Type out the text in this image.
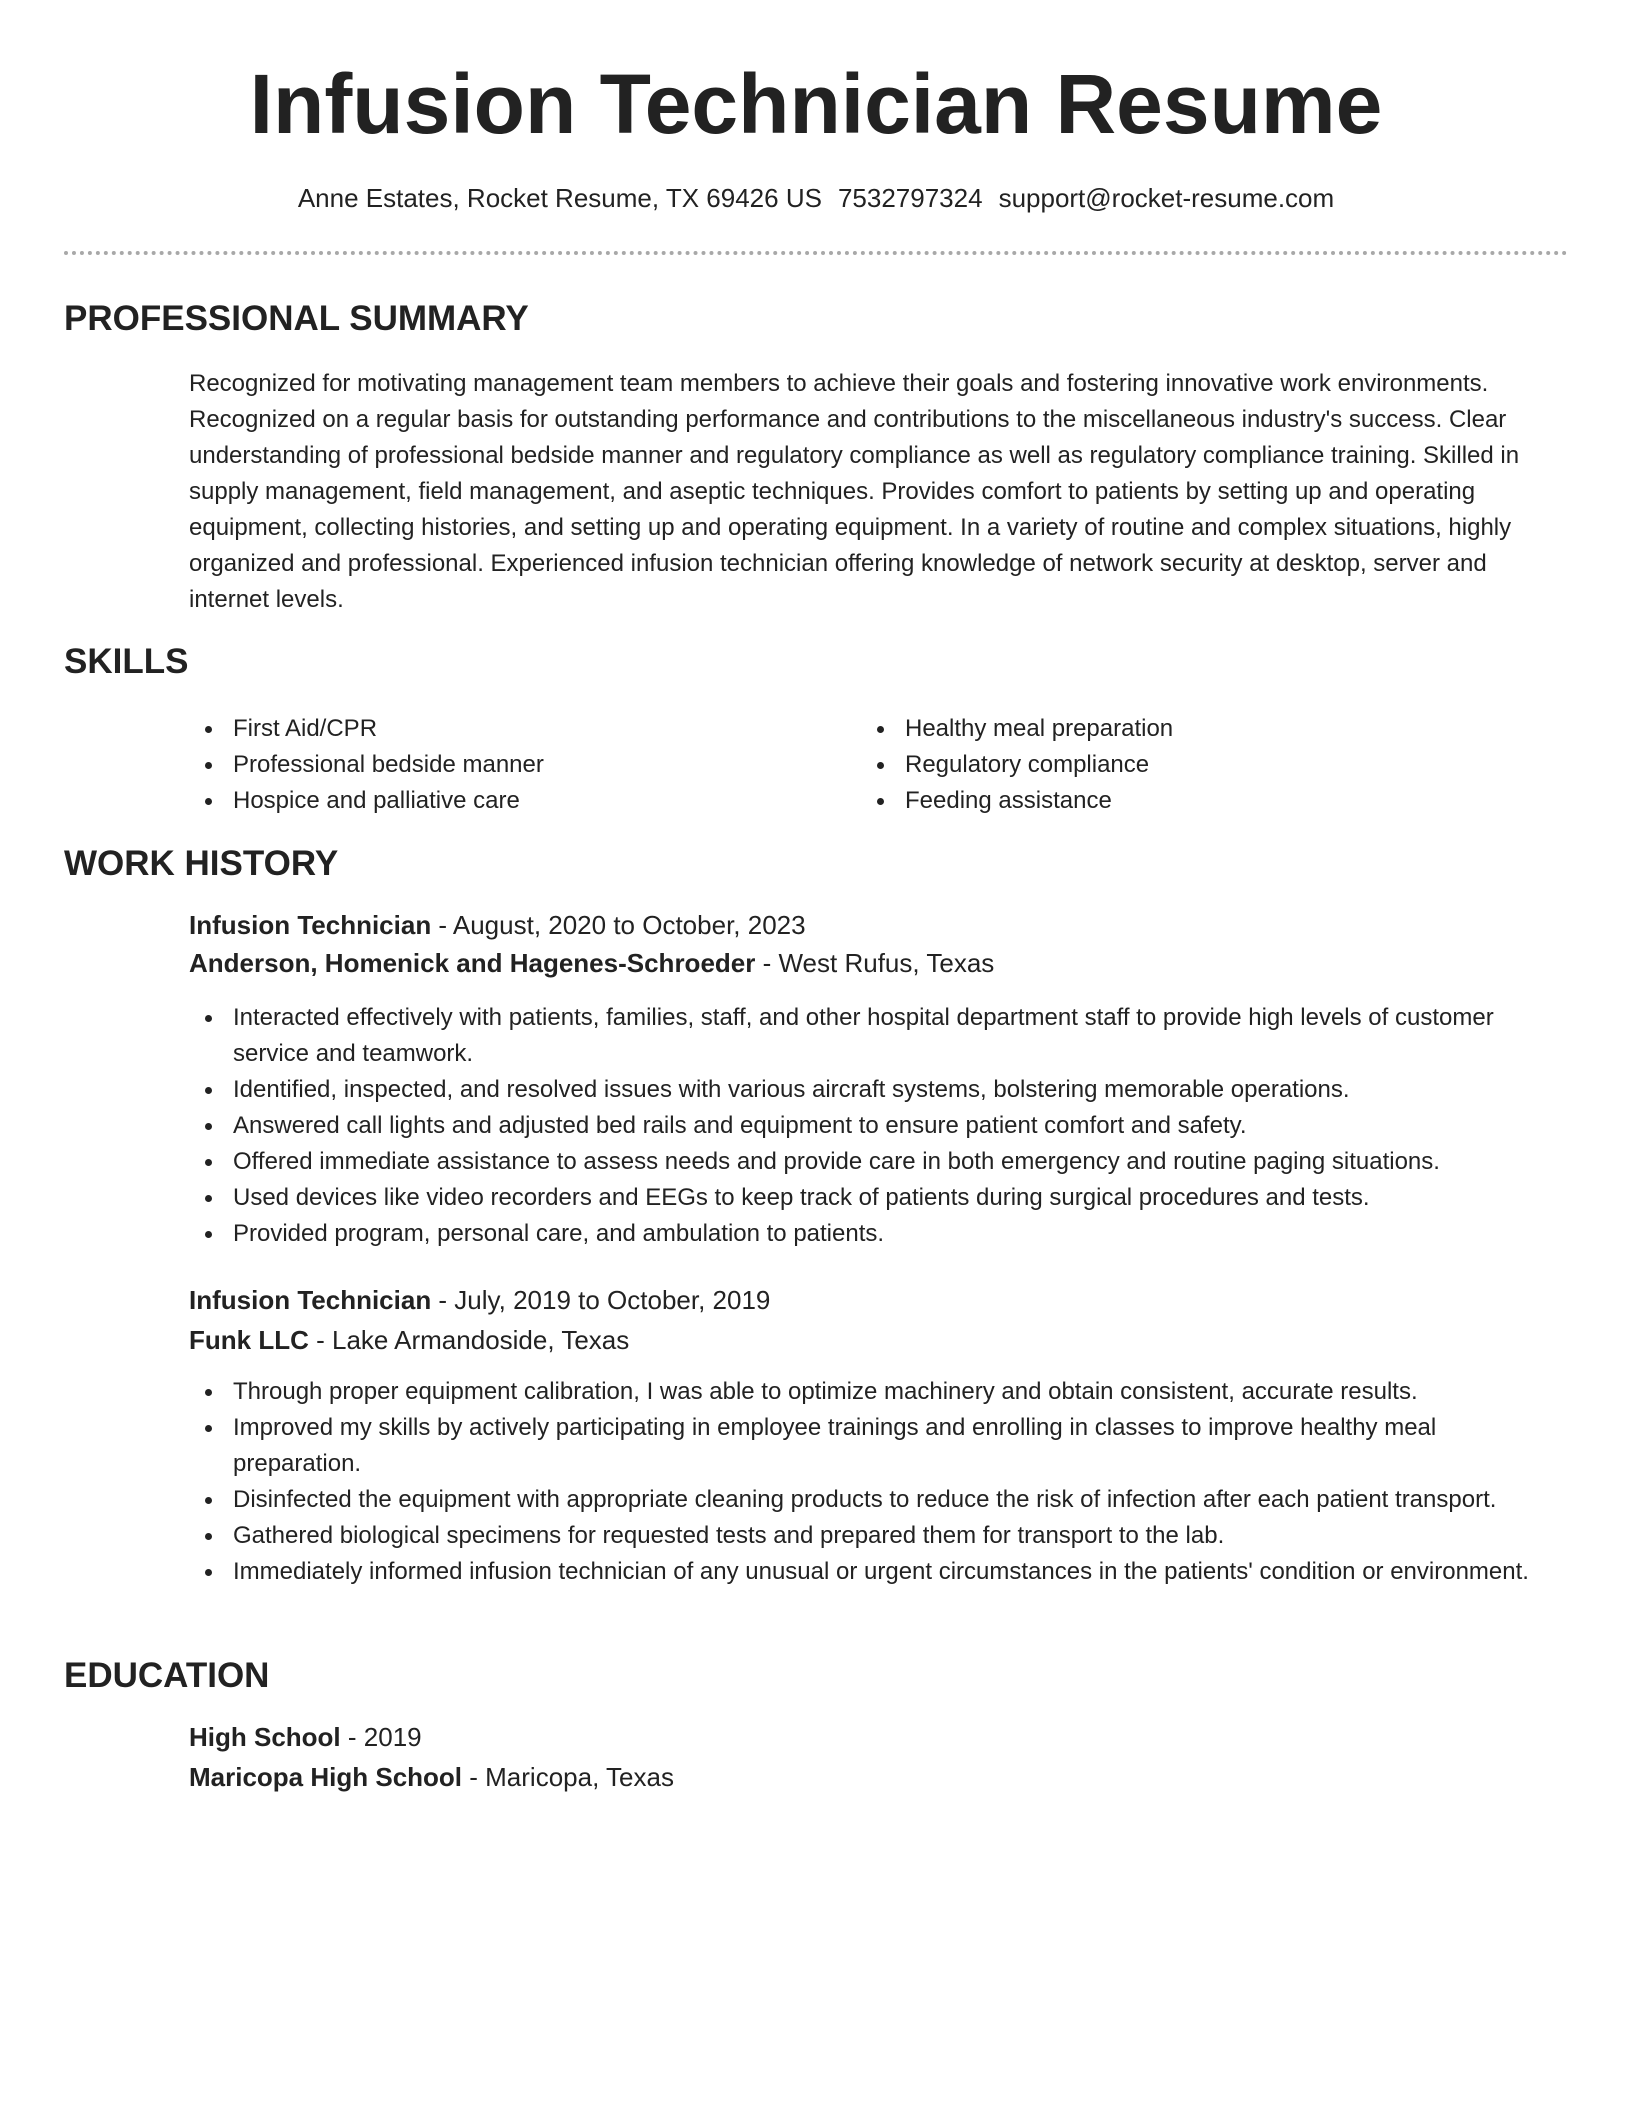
Infusion Technician Resume
Anne Estates, Rocket Resume, TX 69426 US 7532797324 support@rocket-resume.com
PROFESSIONAL SUMMARY

Recognized for motivating management team members to achieve their goals and fostering innovative work environments. Recognized on a regular basis for outstanding performance and contributions to the miscellaneous industry's success. Clear understanding of professional bedside manner and regulatory compliance as well as regulatory compliance training. Skilled in supply management, field management, and aseptic techniques. Provides comfort to patients by setting up and operating equipment, collecting histories, and setting up and operating equipment. In a variety of routine and complex situations, highly organized and professional. Experienced infusion technician offering knowledge of network security at desktop, server and internet levels.

SKILLS
First Aid/CPR
Professional bedside manner
Hospice and palliative care
Healthy meal preparation
Regulatory compliance
Feeding assistance
WORK HISTORY
Infusion Technician - August, 2020 to October, 2023
Anderson, Homenick and Hagenes-Schroeder - West Rufus, Texas
Interacted effectively with patients, families, staff, and other hospital department staff to provide high levels of customer service and teamwork.
Identified, inspected, and resolved issues with various aircraft systems, bolstering memorable operations.
Answered call lights and adjusted bed rails and equipment to ensure patient comfort and safety.
Offered immediate assistance to assess needs and provide care in both emergency and routine paging situations.
Used devices like video recorders and EEGs to keep track of patients during surgical procedures and tests.
Provided program, personal care, and ambulation to patients.
Infusion Technician - July, 2019 to October, 2019
Funk LLC - Lake Armandoside, Texas
Through proper equipment calibration, I was able to optimize machinery and obtain consistent, accurate results.
Improved my skills by actively participating in employee trainings and enrolling in classes to improve healthy meal preparation.
Disinfected the equipment with appropriate cleaning products to reduce the risk of infection after each patient transport.
Gathered biological specimens for requested tests and prepared them for transport to the lab.
Immediately informed infusion technician of any unusual or urgent circumstances in the patients' condition or environment.
EDUCATION
High School - 2019
Maricopa High School - Maricopa, Texas
